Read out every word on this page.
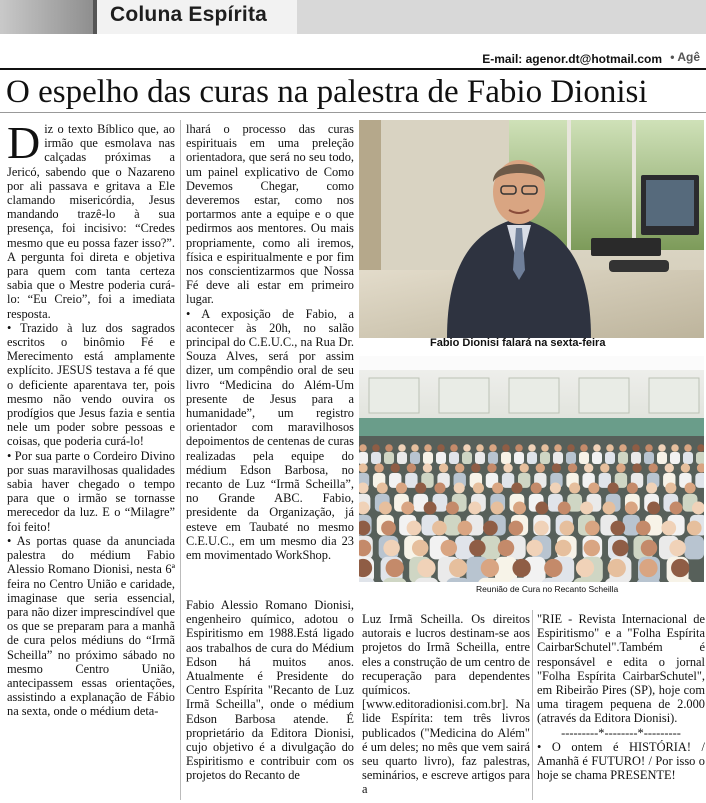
Coluna Espírita
E-mail: agenor.dt@hotmail.com • Agê
O espelho das curas na palestra de Fabio Dionisi

Diz o texto Bíblico que, ao irmão que esmolava nas calçadas próximas a Jericó, sabendo que o Nazareno por ali passava e gritava a Ele clamando misericórdia, Jesus mandando trazê-lo à sua presença, foi incisivo: “Credes mesmo que eu possa fazer isso?”. A pergunta foi direta e objetiva para quem com tanta certeza sabia que o Mestre poderia curá-lo: “Eu Creio”, foi a imediata resposta.

• Trazido à luz dos sagrados escritos o binômio Fé e Merecimento está amplamente explícito. JESUS testava a fé que o deficiente aparentava ter, pois mesmo não vendo ouvira os prodígios que Jesus fazia e sentia nele um poder sobre pessoas e coisas, que poderia curá-lo!

• Por sua parte o Cordeiro Divino por suas maravilhosas qualidades sabia haver chegado o tempo para que o irmão se tornasse merecedor da luz. E o “Milagre” foi feito!

• As portas quase da anunciada palestra do médium Fabio Alessio Romano Dionisi, nesta 6ª feira no Centro União e caridade, imaginase que seria essencial, para não dizer imprescindível que os que se preparam para a manhã de cura pelos médiuns do “Irmã Scheilla” no próximo sábado no mesmo Centro União, antecipassem essas orientações, assistindo a explanação de Fábio na sexta, onde o médium deta-

lhará o processo das curas espirituais em uma preleção orientadora, que será no seu todo, um painel explicativo de Como Devemos Chegar, como deveremos estar, como nos portarmos ante a equipe e o que pedirmos aos mentores. Ou mais propriamente, como ali iremos, física e espiritualmente e por fim nos conscientizarmos que Nossa Fé deve ali estar em primeiro lugar.

• A exposição de Fabio, a acontecer às 20h, no salão principal do C.E.U.C., na Rua Dr. Souza Alves, será por assim dizer, um compêndio oral de seu livro “Medicina do Além-Um presente de Jesus para a humanidade”, um registro orientador com maravilhosos depoimentos de centenas de curas realizadas pela equipe do médium Edson Barbosa, no recanto de Luz “Irmã Scheilla”, no Grande ABC. Fabio, presidente da Organização, já esteve em Taubaté no mesmo C.E.U.C., em um mesmo dia 23 em movimentado WorkShop.

Fabio Alessio Romano Dionisi, engenheiro químico, adotou o Espiritismo em 1988.Está ligado aos trabalhos de cura do Médium Edson há muitos anos. Atualmente é Presidente do Centro Espírita "Recanto de Luz Irmã Scheilla", onde o médium Edson Barbosa atende. É proprietário da Editora Dionisi, cujo objetivo é a divulgação do Espiritismo e contribuir com os projetos do Recanto de

Fabio Dionisi falará na sexta-feira
Reunião de Cura no Recanto Scheilla

Luz Irmã Scheilla. Os direitos autorais e lucros destinam-se aos projetos do Irmã Scheilla, entre eles a construção de um centro de recuperação para dependentes químicos. [www.editoradionisi.com.br]. Na lide Espírita: tem três livros publicados ("Medicina do Além" é um deles; no mês que vem sairá seu quarto livro), faz palestras, seminários, e escreve artigos para a

"RIE - Revista Internacional de Espiritismo" e a "Folha Espírita CairbarSchutel".Também é responsável e edita o jornal "Folha Espírita CairbarSchutel", em Ribeirão Pires (SP), hoje com uma tiragem pequena de 2.000 (através da Editora Dionisi).

---------*--------*---------

• O ontem é HISTÓRIA! / Amanhã é FUTURO! / Por isso o hoje se chama PRESENTE!
